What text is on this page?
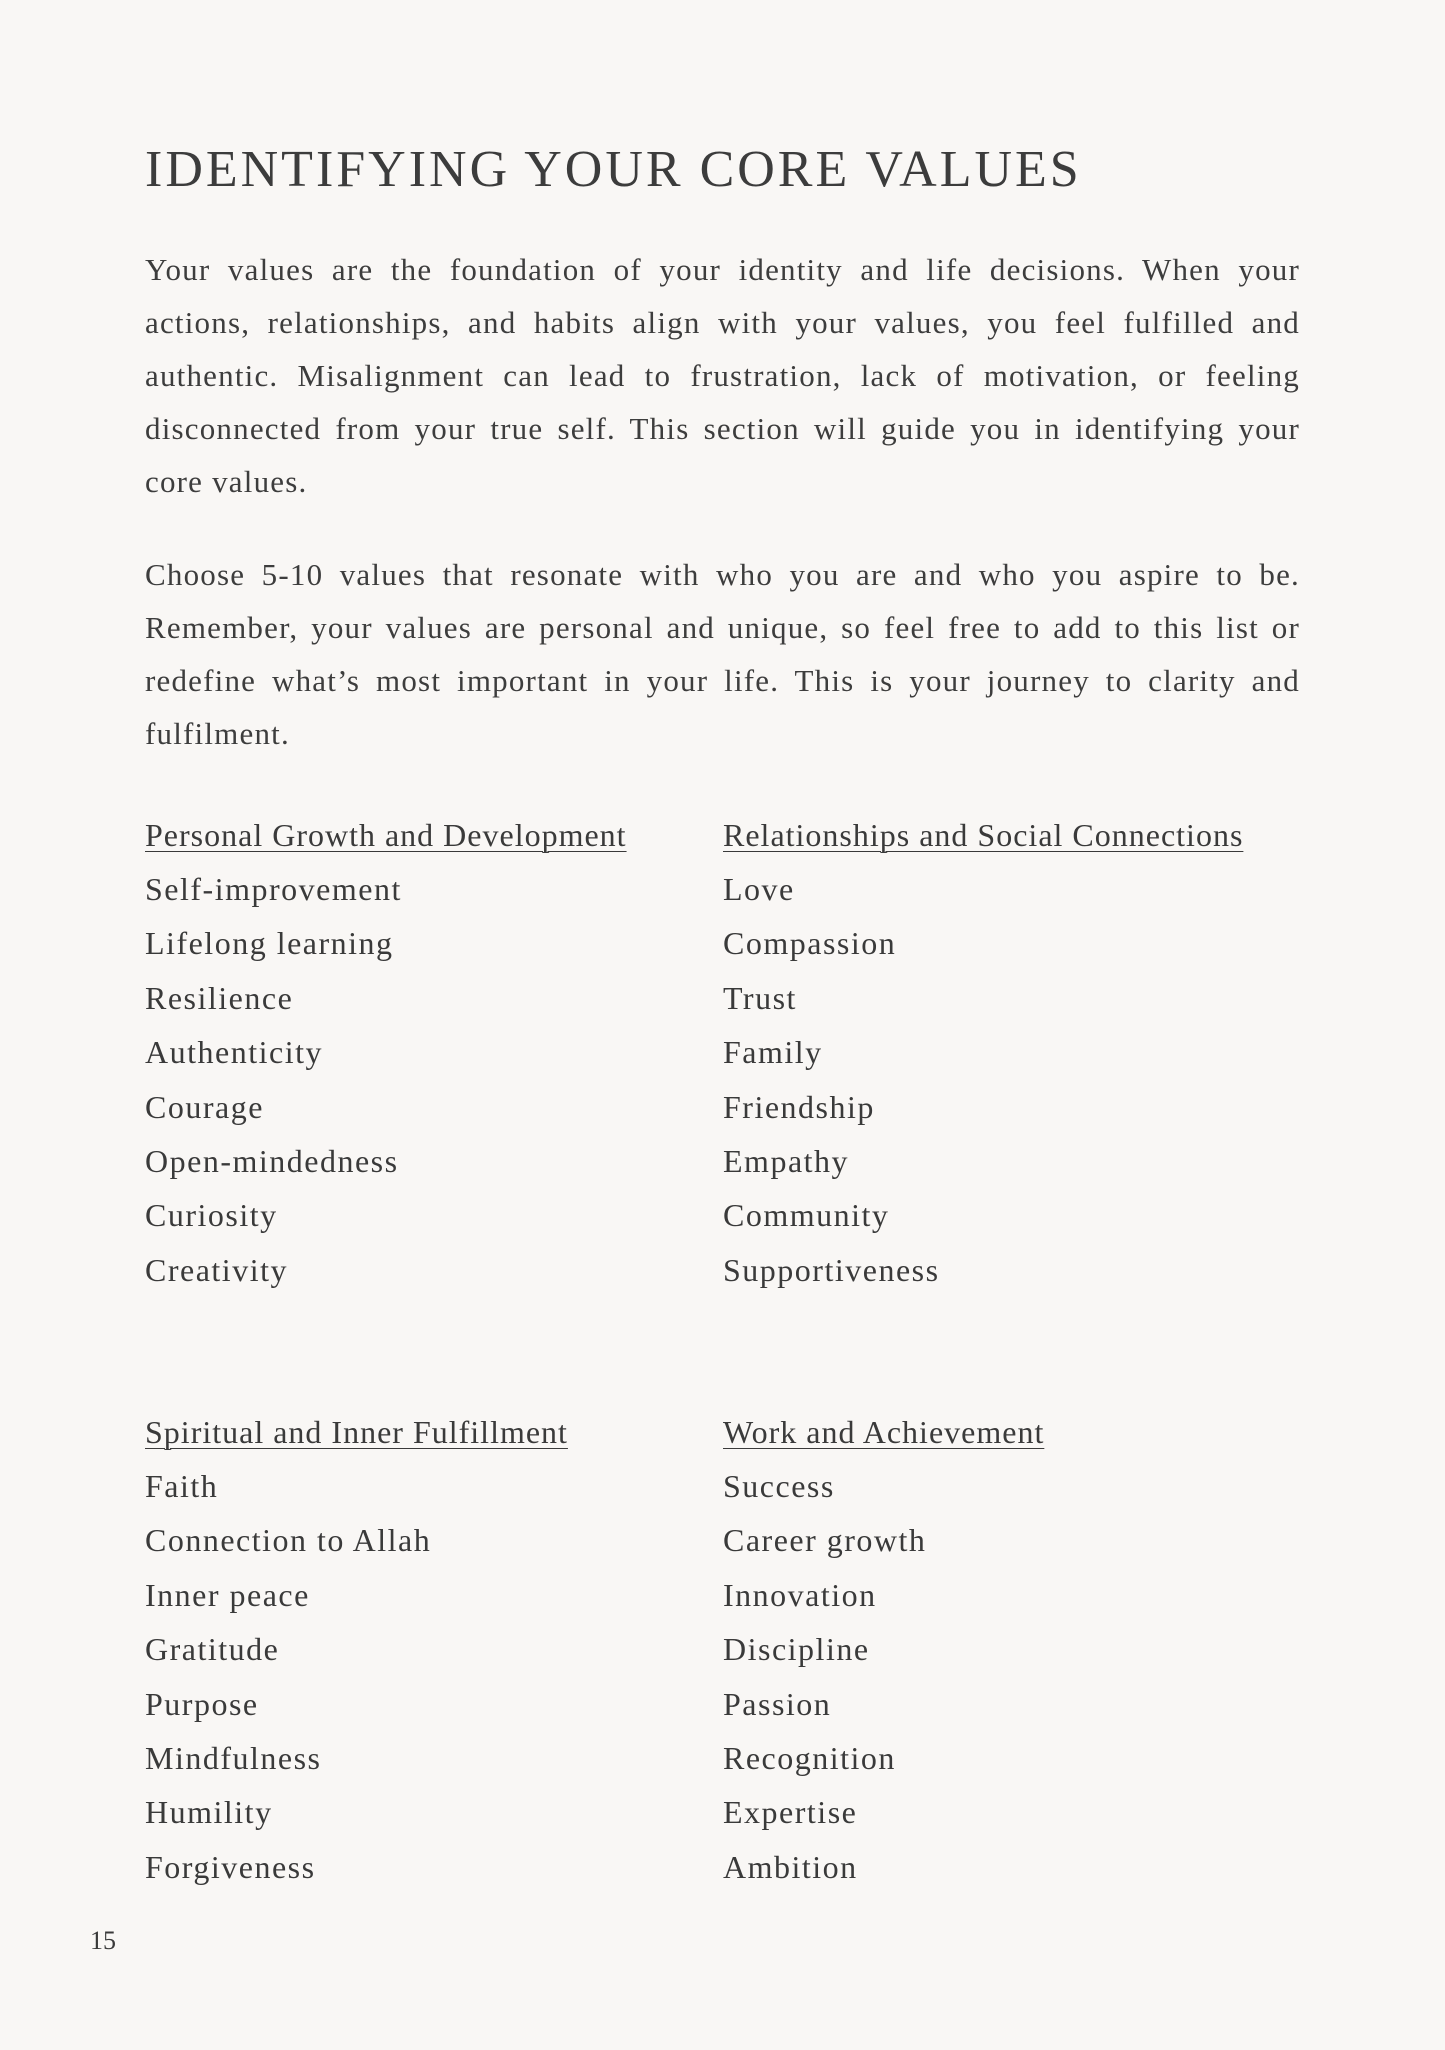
IDENTIFYING YOUR CORE VALUES

Your values are the foundation of your identity and life decisions. When your actions, relationships, and habits align with your values, you feel fulfilled and authentic. Misalignment can lead to frustration, lack of motivation, or feeling disconnected from your true self. This section will guide you in identifying your core values.

Choose 5-10 values that resonate with who you are and who you aspire to be. Remember, your values are personal and unique, so feel free to add to this list or redefine what’s most important in your life. This is your journey to clarity and fulfilment.

Personal Growth and Development
Self-improvement
Lifelong learning
Resilience
Authenticity
Courage
Open-mindedness
Curiosity
Creativity
Relationships and Social Connections
Love
Compassion
Trust
Family
Friendship
Empathy
Community
Supportiveness
Spiritual and Inner Fulfillment
Faith
Connection to Allah
Inner peace
Gratitude
Purpose
Mindfulness
Humility
Forgiveness
Work and Achievement
Success
Career growth
Innovation
Discipline
Passion
Recognition
Expertise
Ambition
15
